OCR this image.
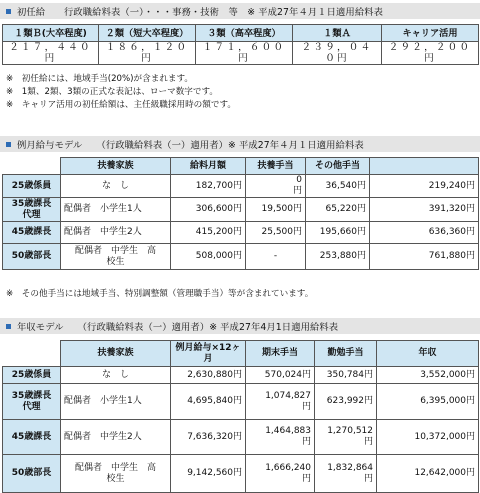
初任給　　行政職給料表（一）・・・事務・技術　等　※ 平成27年４月１日適用給料表
１類Ｂ(大卒程度)	２類（短大卒程度）	３類（高卒程度）	１類Ａ	キャリア活用
２１７，４４０円	１８６，１２０円	１７１，６００円	２３９，０４０円	２９２，２００円
※　初任給には、地域手当(20%)が含まれます。
※　1類、2類、3類の正式な表記は、ローマ数字です。
※　キャリア活用の初任給額は、主任級職採用時の額です。
例月給与モデル　　（行政職給料表（一）適用者）※ 平成27年４月１日適用給料表
	扶養家族	給料月額	扶養手当	その他手当	
25歳係員	な　し	182,700円	0
円	36,540円	219,240円
35歳課長
代理	配偶者　小学生1人	306,600円	19,500円	65,220円	391,320円
45歳課長	配偶者　中学生2人	415,200円	25,500円	195,660円	636,360円
50歳部長	配偶者　中学生　高
校生	508,000円	-	253,880円	761,880円
※　その他手当には地域手当、特別調整額（管理職手当）等が含まれています。
年収モデル　　（行政職給料表（一）適用者）※ 平成27年4月1日適用給料表
	扶養家族	例月給与×12ヶ
月	期末手当	勤勉手当	年収
25歳係員	な　し	2,630,880円	570,024円	350,784円	3,552,000円
35歳課長
代理	配偶者　小学生1人	4,695,840円	1,074,827
円	623,992円	6,395,000円
45歳課長	配偶者　中学生2人	7,636,320円	1,464,883
円	1,270,512
円	10,372,000円
50歳部長	配偶者　中学生　高
校生	9,142,560円	1,666,240
円	1,832,864
円	12,642,000円
